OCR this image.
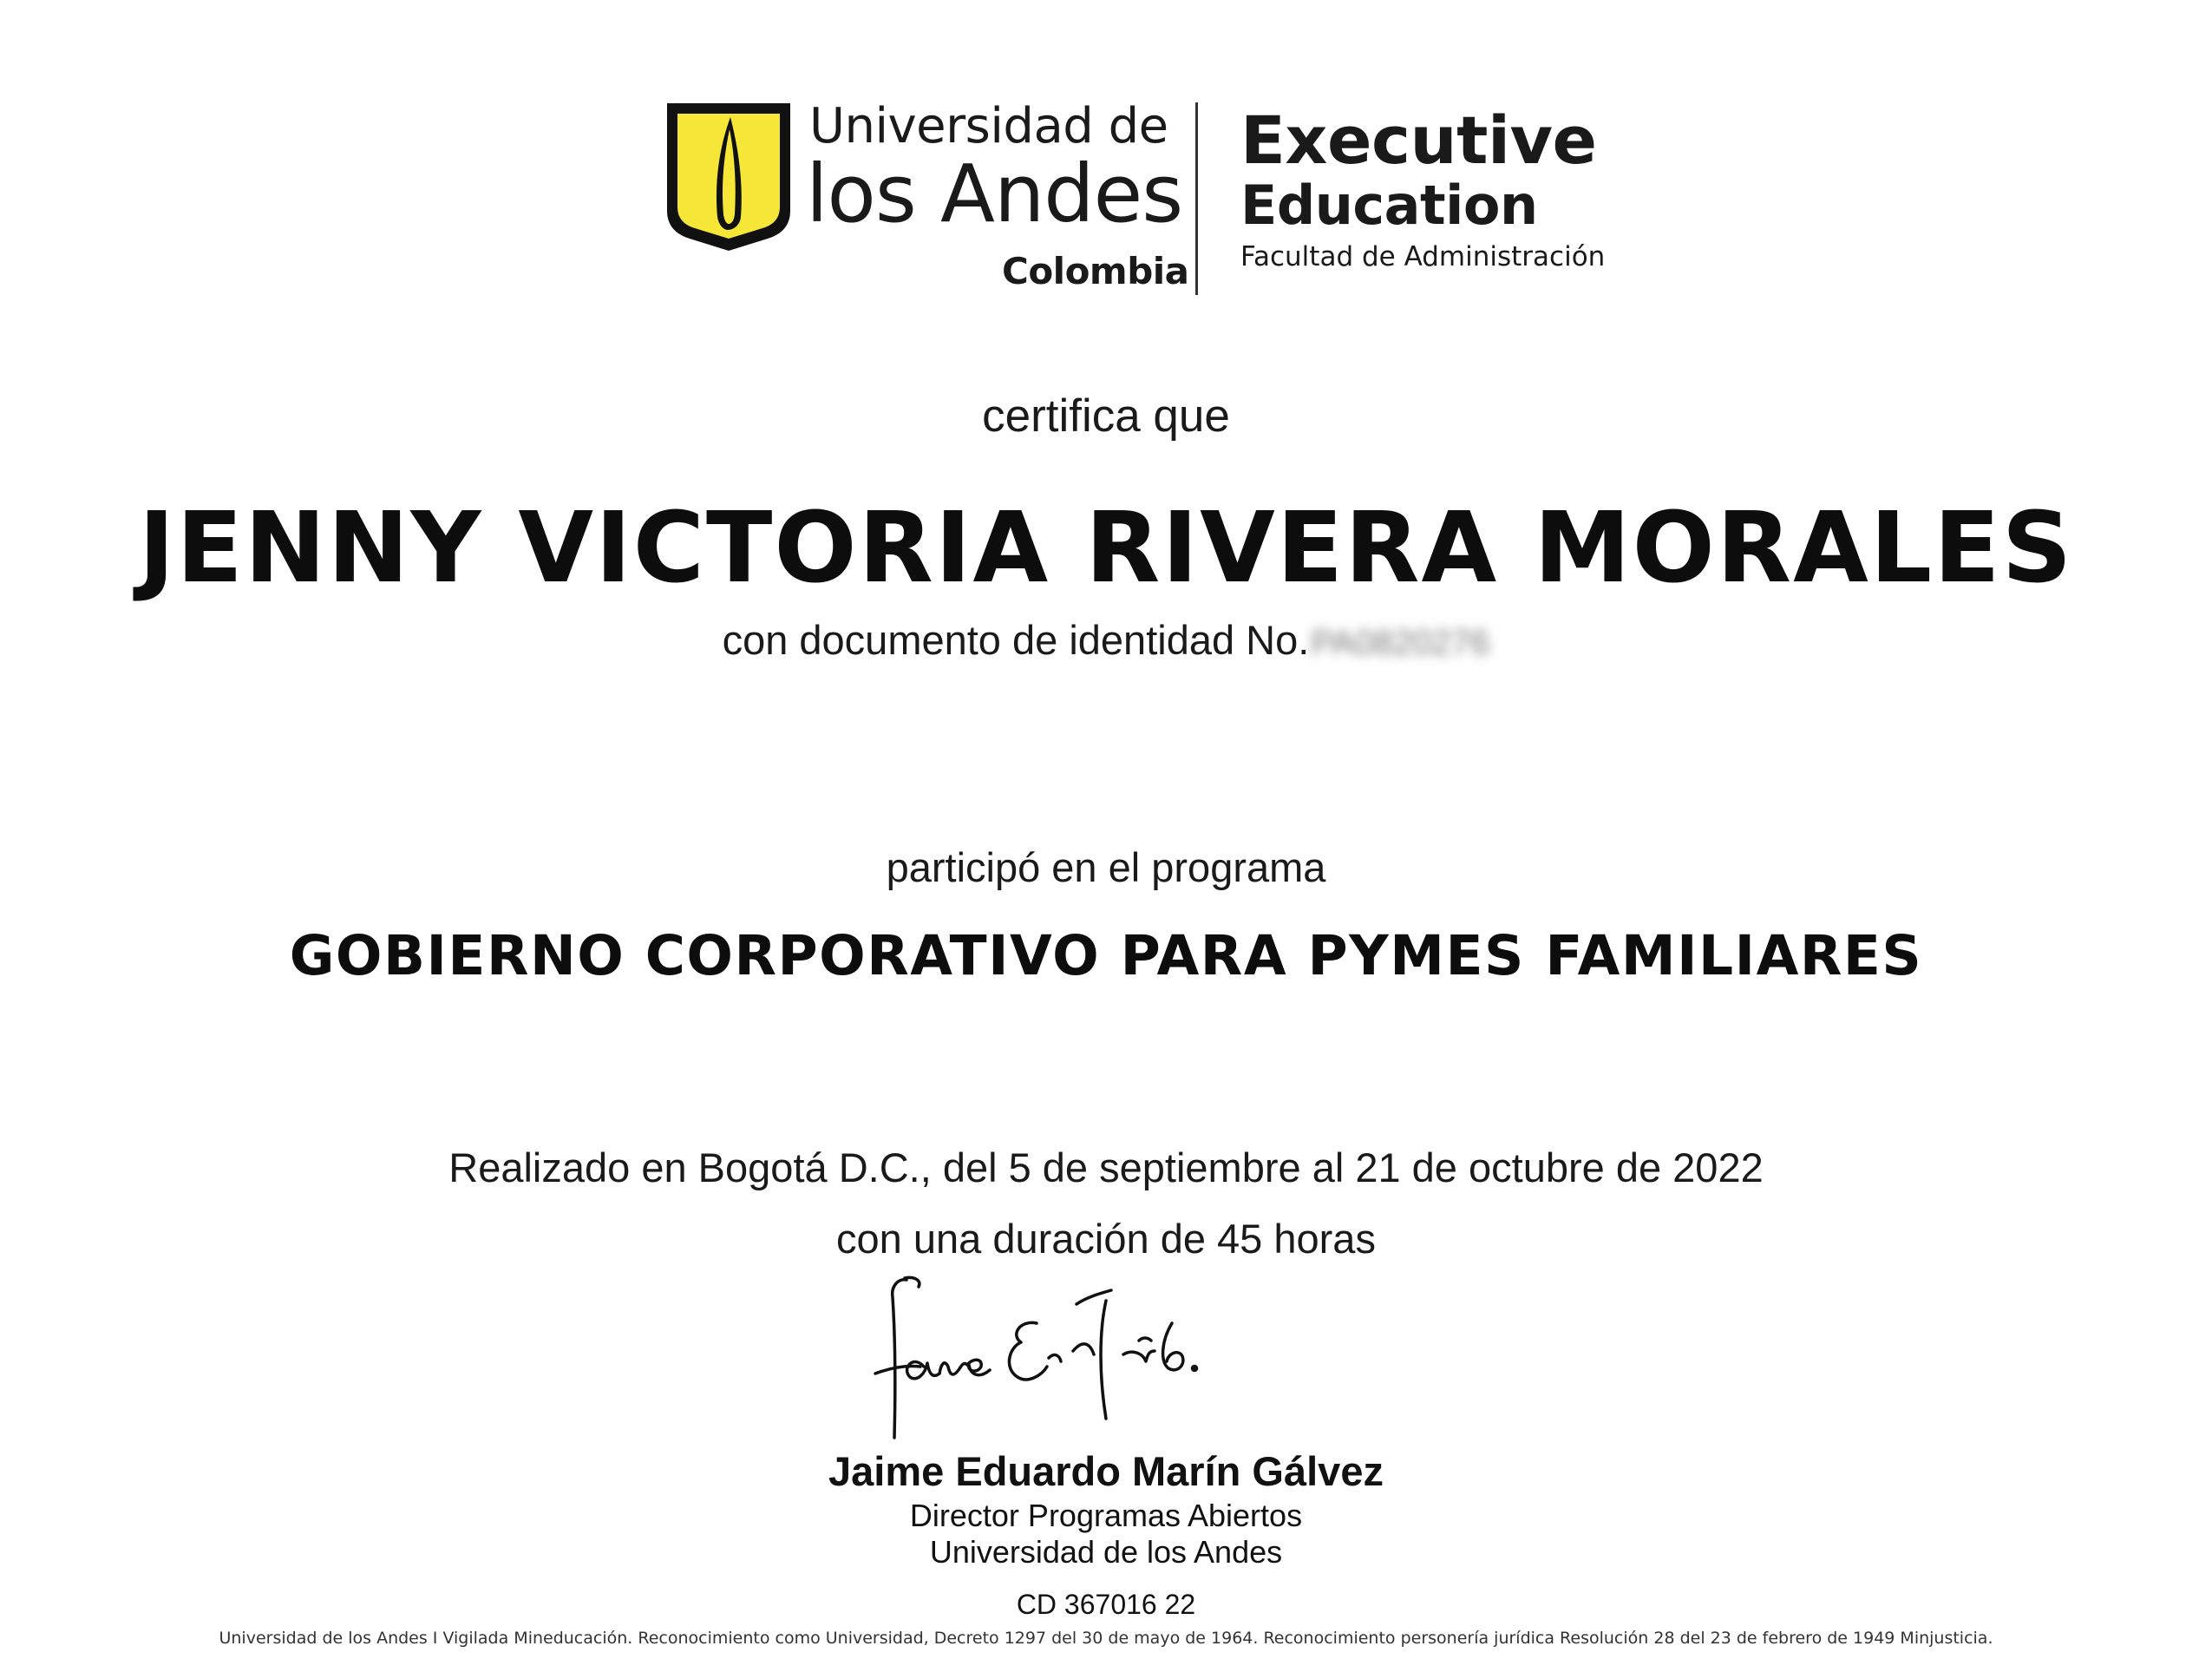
Universidad de
los Andes
Colombia
Executive
Education
Facultad de Administración
certifica que
JENNY VICTORIA RIVERA MORALES
con documento de identidad No.PA0820276
participó en el programa
GOBIERNO CORPORATIVO PARA PYMES FAMILIARES
Realizado en Bogotá D.C., del 5 de septiembre al 21 de octubre de 2022
con una duración de 45 horas
Jaime Eduardo Marín Gálvez
Director Programas Abiertos
Universidad de los Andes
CD 367016 22
Universidad de los Andes I Vigilada Mineducación. Reconocimiento como Universidad, Decreto 1297 del 30 de mayo de 1964. Reconocimiento personería jurídica Resolución 28 del 23 de febrero de 1949 Minjusticia.
